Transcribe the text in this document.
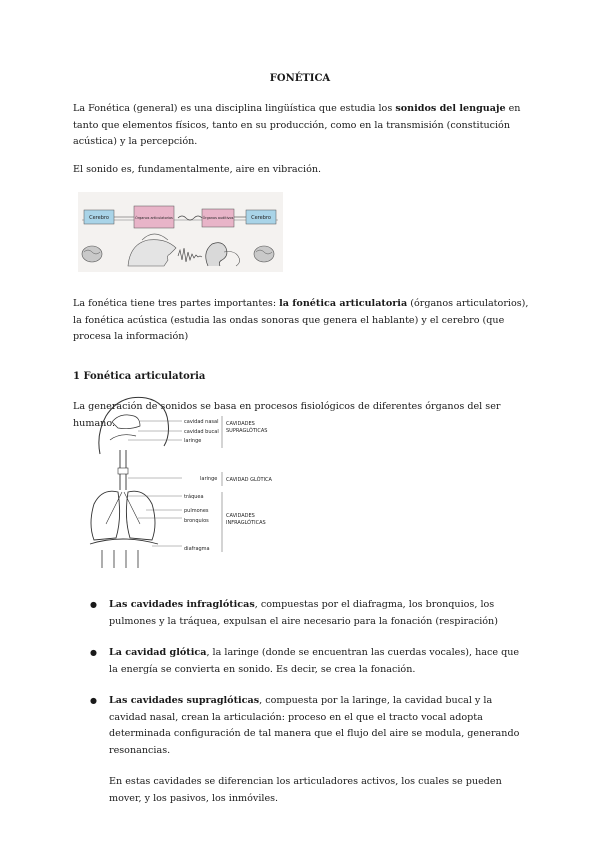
FONÉTICA

La Fonética (general) es una disciplina lingüística que estudia los sonidos del lenguaje en tanto que elementos físicos, tanto en su producción, como en la transmisión (constitución acústica) y la percepción.

El sonido es, fundamentalmente, aire en vibración.

Cerebro	Órganos articulatorios	Órganos auditivos	Cerebro

La fonética tiene tres partes importantes: la fonética articulatoria (órganos articulatorios), la fonética acústica (estudia las ondas sonoras que genera el hablante) y el cerebro (que procesa la información)

1 Fonética articulatoria

La generación de sonidos se basa en procesos fisiológicos de diferentes órganos del ser humano.	cavidad nasal
cavidad bucal
laringe
laringe
tráquea
pulmones
bronquios
diafragma
CAVIDADES
SUPRAGLÓTICAS
CAVIDAD GLÓTICA
CAVIDADES
INFRAGLÓTICAS
● Las cavidades infraglóticas, compuestas por el diafragma, los bronquios, los pulmones y la tráquea, expulsan el aire necesario para la fonación (respiración)
● La cavidad glótica, la laringe (donde se encuentran las cuerdas vocales), hace que la energía se convierta en sonido. Es decir, se crea la fonación.
● Las cavidades supraglóticas, compuesta por la laringe, la cavidad bucal y la cavidad nasal, crean la articulación: proceso en el que el tracto vocal adopta determinada configuración de tal manera que el flujo del aire se modula, generando resonancias.
En estas cavidades se diferencian los articuladores activos, los cuales se pueden mover, y los pasivos, los inmóviles.
